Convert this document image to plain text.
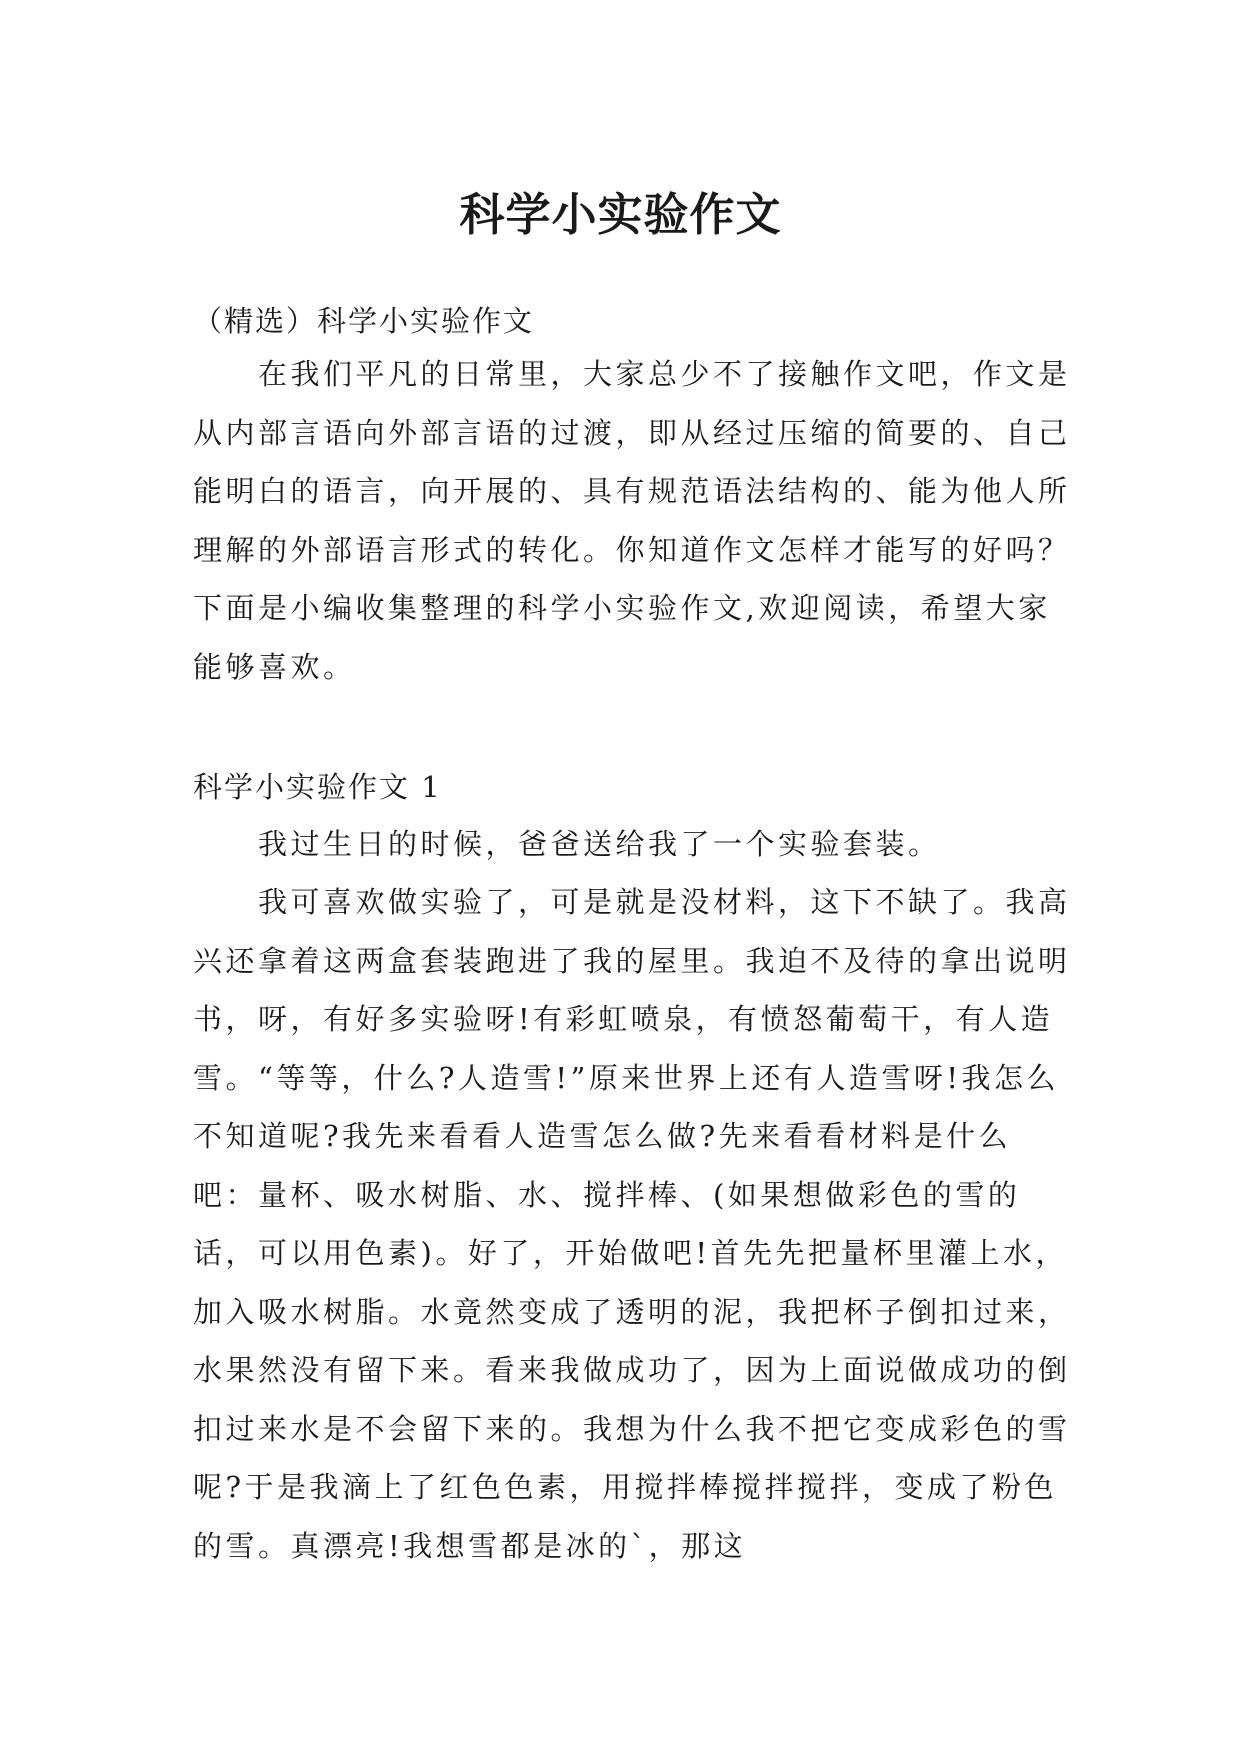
科学小实验作文

（精选）科学小实验作文

在我们平凡的日常里，大家总少不了接触作文吧，作文是从内部言语向外部言语的过渡，即从经过压缩的简要的、自己能明白的语言，向开展的、具有规范语法结构的、能为他人所理解的外部语言形式的转化。你知道作文怎样才能写的好吗？下面是小编收集整理的科学小实验作文,欢迎阅读，希望大家能够喜欢。

科学小实验作文 1

我过生日的时候，爸爸送给我了一个实验套装。

我可喜欢做实验了，可是就是没材料，这下不缺了。我高兴还拿着这两盒套装跑进了我的屋里。我迫不及待的拿出说明书，呀，有好多实验呀!有彩虹喷泉，有愤怒葡萄干，有人造雪。“等等，什么?人造雪!”原来世界上还有人造雪呀!我怎么不知道呢?我先来看看人造雪怎么做?先来看看材料是什么吧：量杯、吸水树脂、水、搅拌棒、(如果想做彩色的雪的话，可以用色素)。好了，开始做吧!首先先把量杯里灌上水，加入吸水树脂。水竟然变成了透明的泥，我把杯子倒扣过来，水果然没有留下来。看来我做成功了，因为上面说做成功的倒扣过来水是不会留下来的。我想为什么我不把它变成彩色的雪呢?于是我滴上了红色色素，用搅拌棒搅拌搅拌，变成了粉色的雪。真漂亮!我想雪都是冰的`，那这
